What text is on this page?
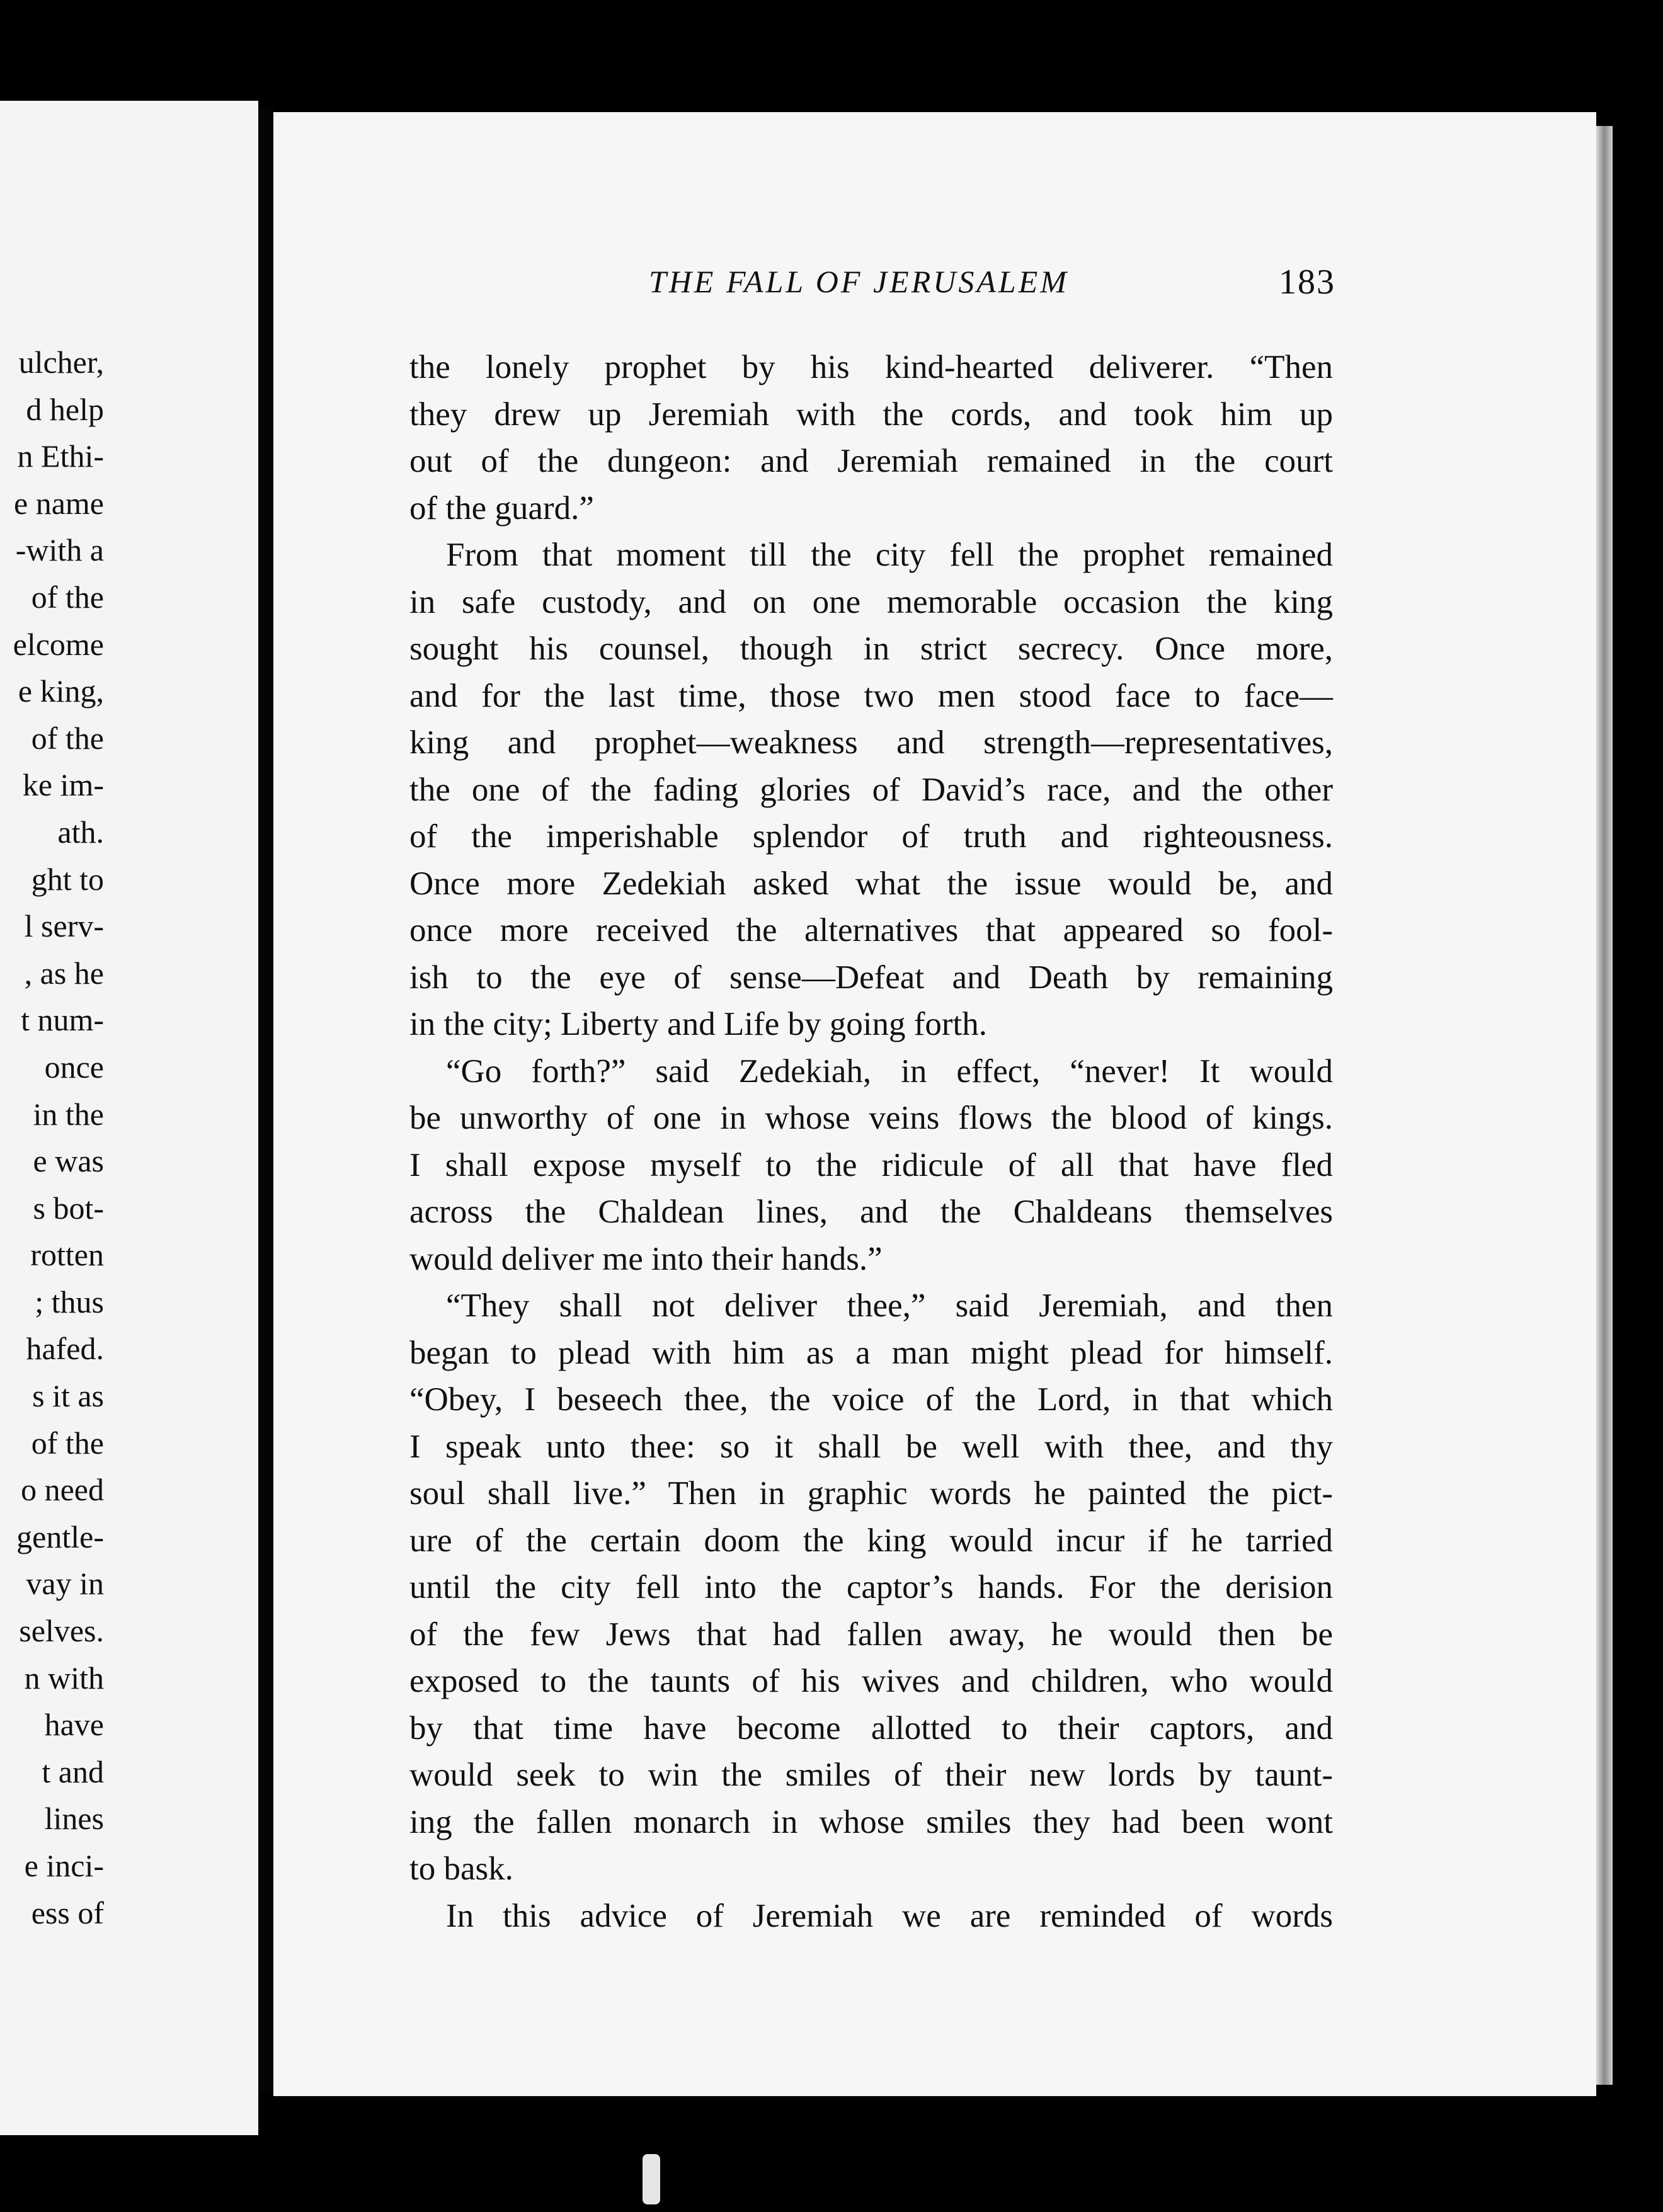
ulcher,
d help
n Ethi-
e name
-with a
of the
elcome
e king,
of the
ke im-
ath.
ght to
l serv-
, as he
t num-
once
in the
e was
s bot-
rotten
; thus
hafed.
s it as
of the
o need
gentle-
vay in
selves.
n with
have
t and
lines
e inci-
ess of
THE FALL OF JERUSALEM	183
the lonely prophet by his kind-hearted deliverer. “Then
they drew up Jeremiah with the cords, and took him up
out of the dungeon: and Jeremiah remained in the court
of the guard.”
From that moment till the city fell the prophet remained
in safe custody, and on one memorable occasion the king
sought his counsel, though in strict secrecy. Once more,
and for the last time, those two men stood face to face—
king and prophet—weakness and strength—representatives,
the one of the fading glories of David’s race, and the other
of the imperishable splendor of truth and righteousness.
Once more Zedekiah asked what the issue would be, and
once more received the alternatives that appeared so fool-
ish to the eye of sense—Defeat and Death by remaining
in the city; Liberty and Life by going forth.
“Go forth?” said Zedekiah, in effect, “never! It would
be unworthy of one in whose veins flows the blood of kings.
I shall expose myself to the ridicule of all that have fled
across the Chaldean lines, and the Chaldeans themselves
would deliver me into their hands.”
“They shall not deliver thee,” said Jeremiah, and then
began to plead with him as a man might plead for himself.
“Obey, I beseech thee, the voice of the Lord, in that which
I speak unto thee: so it shall be well with thee, and thy
soul shall live.” Then in graphic words he painted the pict-
ure of the certain doom the king would incur if he tarried
until the city fell into the captor’s hands. For the derision
of the few Jews that had fallen away, he would then be
exposed to the taunts of his wives and children, who would
by that time have become allotted to their captors, and
would seek to win the smiles of their new lords by taunt-
ing the fallen monarch in whose smiles they had been wont
to bask.
In this advice of Jeremiah we are reminded of words
